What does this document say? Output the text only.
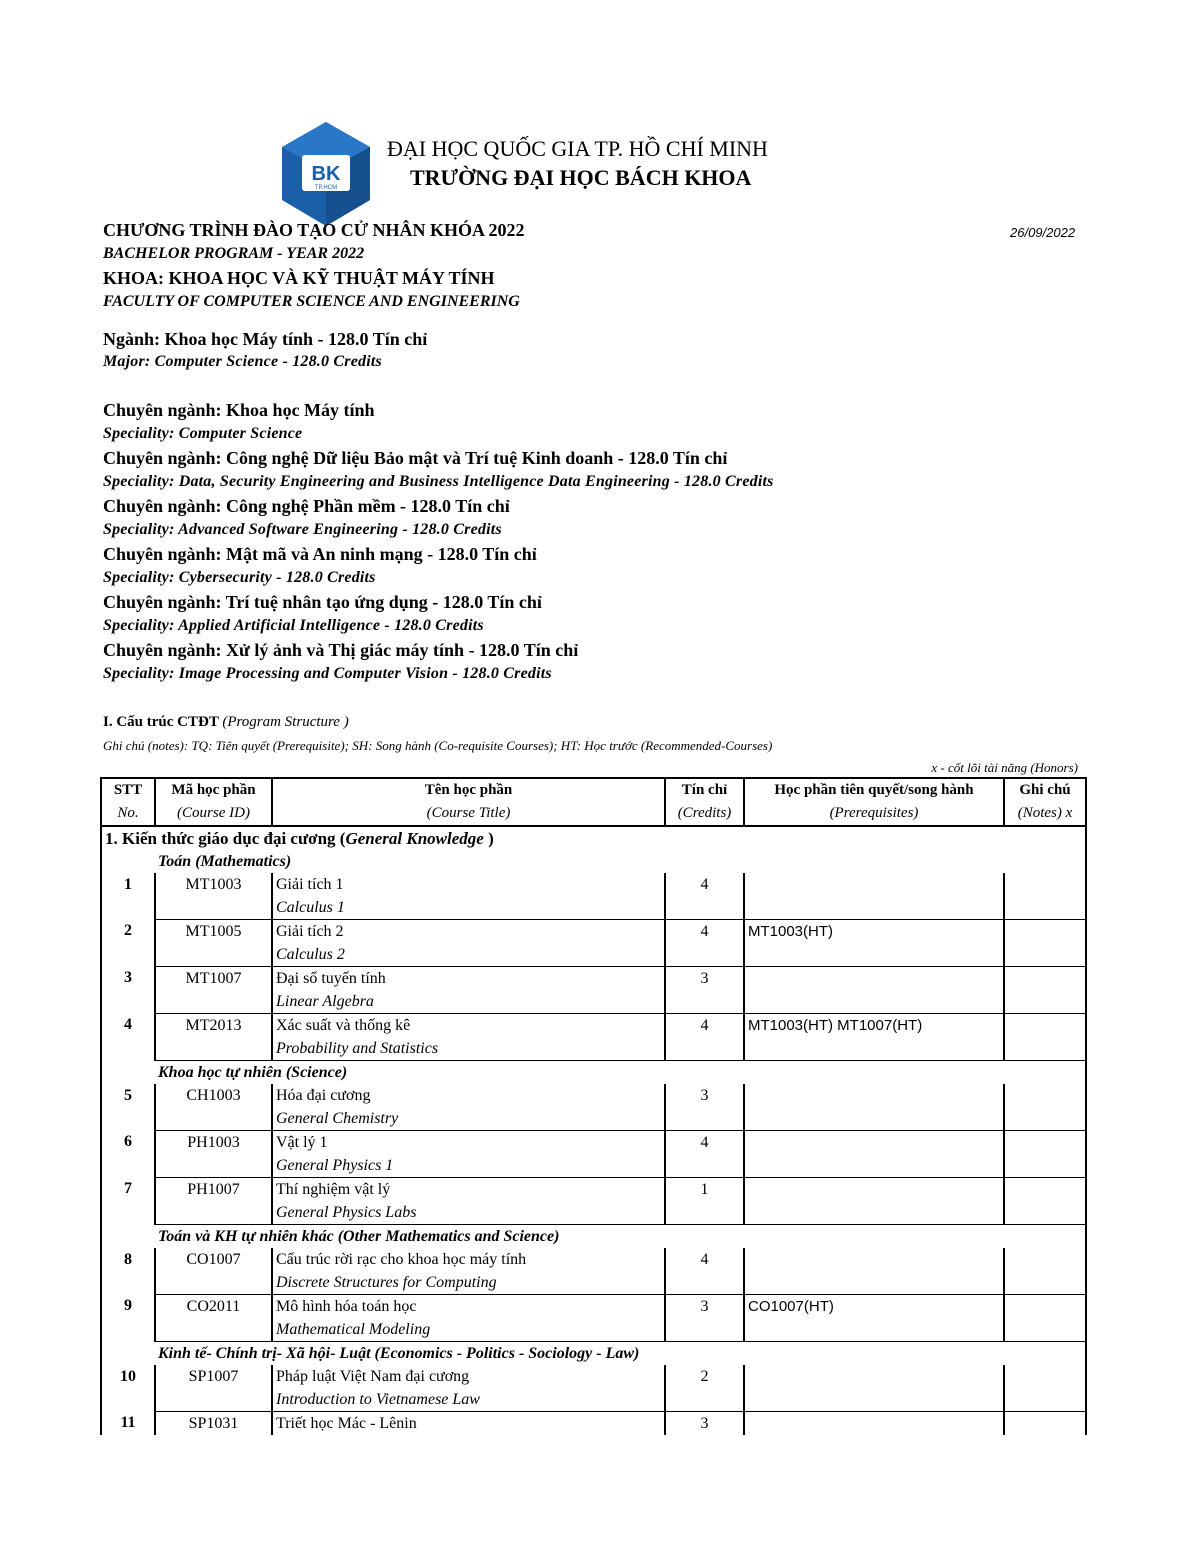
BK
TP.HCM
ĐẠI HỌC QUỐC GIA TP. HỒ CHÍ MINH
TRƯỜNG ĐẠI HỌC BÁCH KHOA
CHƯƠNG TRÌNH ĐÀO TẠO CỬ NHÂN KHÓA 2022	26/09/2022
BACHELOR PROGRAM - YEAR 2022
KHOA: KHOA HỌC VÀ KỸ THUẬT MÁY TÍNH
FACULTY OF COMPUTER SCIENCE AND ENGINEERING
Ngành: Khoa học Máy tính - 128.0 Tín chỉ
Major: Computer Science - 128.0 Credits
Chuyên ngành: Khoa học Máy tính
Speciality: Computer Science
Chuyên ngành: Công nghệ Dữ liệu Bảo mật và Trí tuệ Kinh doanh - 128.0 Tín chỉ
Speciality: Data, Security Engineering and Business Intelligence Data Engineering - 128.0 Credits
Chuyên ngành: Công nghệ Phần mềm - 128.0 Tín chỉ
Speciality: Advanced Software Engineering - 128.0 Credits
Chuyên ngành: Mật mã và An ninh mạng - 128.0 Tín chỉ
Speciality: Cybersecurity - 128.0 Credits
Chuyên ngành: Trí tuệ nhân tạo ứng dụng - 128.0 Tín chỉ
Speciality: Applied Artificial Intelligence - 128.0 Credits
Chuyên ngành: Xử lý ảnh và Thị giác máy tính - 128.0 Tín chỉ
Speciality: Image Processing and Computer Vision - 128.0 Credits
I. Cấu trúc CTĐT (Program Structure )
Ghi chú (notes): TQ: Tiên quyết (Prerequisite); SH: Song hành (Co-requisite Courses); HT: Học trước (Recommended-Courses)
x - cốt lõi tài năng (Honors)
STT	Mã học phần	Tên học phần	Tín chỉ	Học phần tiên quyết/song hành	Ghi chú
No.	(Course ID)	(Course Title)	(Credits)	(Prerequisites)	(Notes) x
1. Kiến thức giáo dục đại cương (General Knowledge )					
Toán (Mathematics)					
1	MT1003	Giải tích 1	4		
		Calculus 1			
2	MT1005	Giải tích 2	4	MT1003(HT)	
		Calculus 2			
3	MT1007	Đại số tuyến tính	3		
		Linear Algebra			
4	MT2013	Xác suất và thống kê	4	MT1003(HT) MT1007(HT)	
		Probability and Statistics			
Khoa học tự nhiên (Science)					
5	CH1003	Hóa đại cương	3		
		General Chemistry			
6	PH1003	Vật lý 1	4		
		General Physics 1			
7	PH1007	Thí nghiệm vật lý	1		
		General Physics Labs			
Toán và KH tự nhiên khác (Other Mathematics and Science)					
8	CO1007	Cấu trúc rời rạc cho khoa học máy tính	4		
		Discrete Structures for Computing			
9	CO2011	Mô hình hóa toán học	3	CO1007(HT)	
		Mathematical Modeling			
Kinh tế- Chính trị- Xã hội- Luật (Economics - Politics - Sociology - Law)					
10	SP1007	Pháp luật Việt Nam đại cương	2		
		Introduction to Vietnamese Law			
11	SP1031	Triết học Mác - Lênin	3		
